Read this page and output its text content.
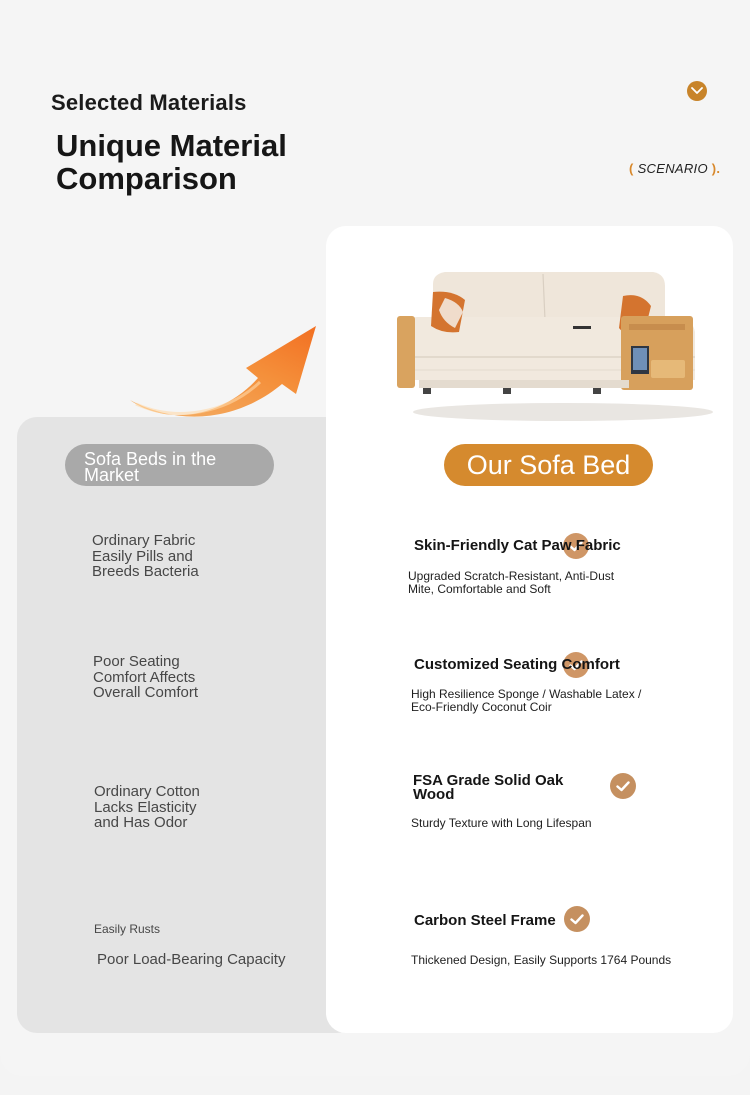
Selected Materials
Unique Material Comparison	( SCENARIO ).
Sofa Beds in the Market	Our Sofa Bed
Ordinary Fabric Easily Pills and Breeds Bacteria
Poor Seating Comfort Affects Overall Comfort
Ordinary Cotton Lacks Elasticity and Has Odor
Easily Rusts
Poor Load-Bearing Capacity
Skin-Friendly Cat Paw Fabric
Upgraded Scratch-Resistant, Anti-Dust Mite, Comfortable and Soft
Customized Seating Comfort
High Resilience Sponge / Washable Latex / Eco-Friendly Coconut Coir
FSA Grade Solid Oak Wood
Sturdy Texture with Long Lifespan
Carbon Steel Frame
Thickened Design, Easily Supports 1764 Pounds
